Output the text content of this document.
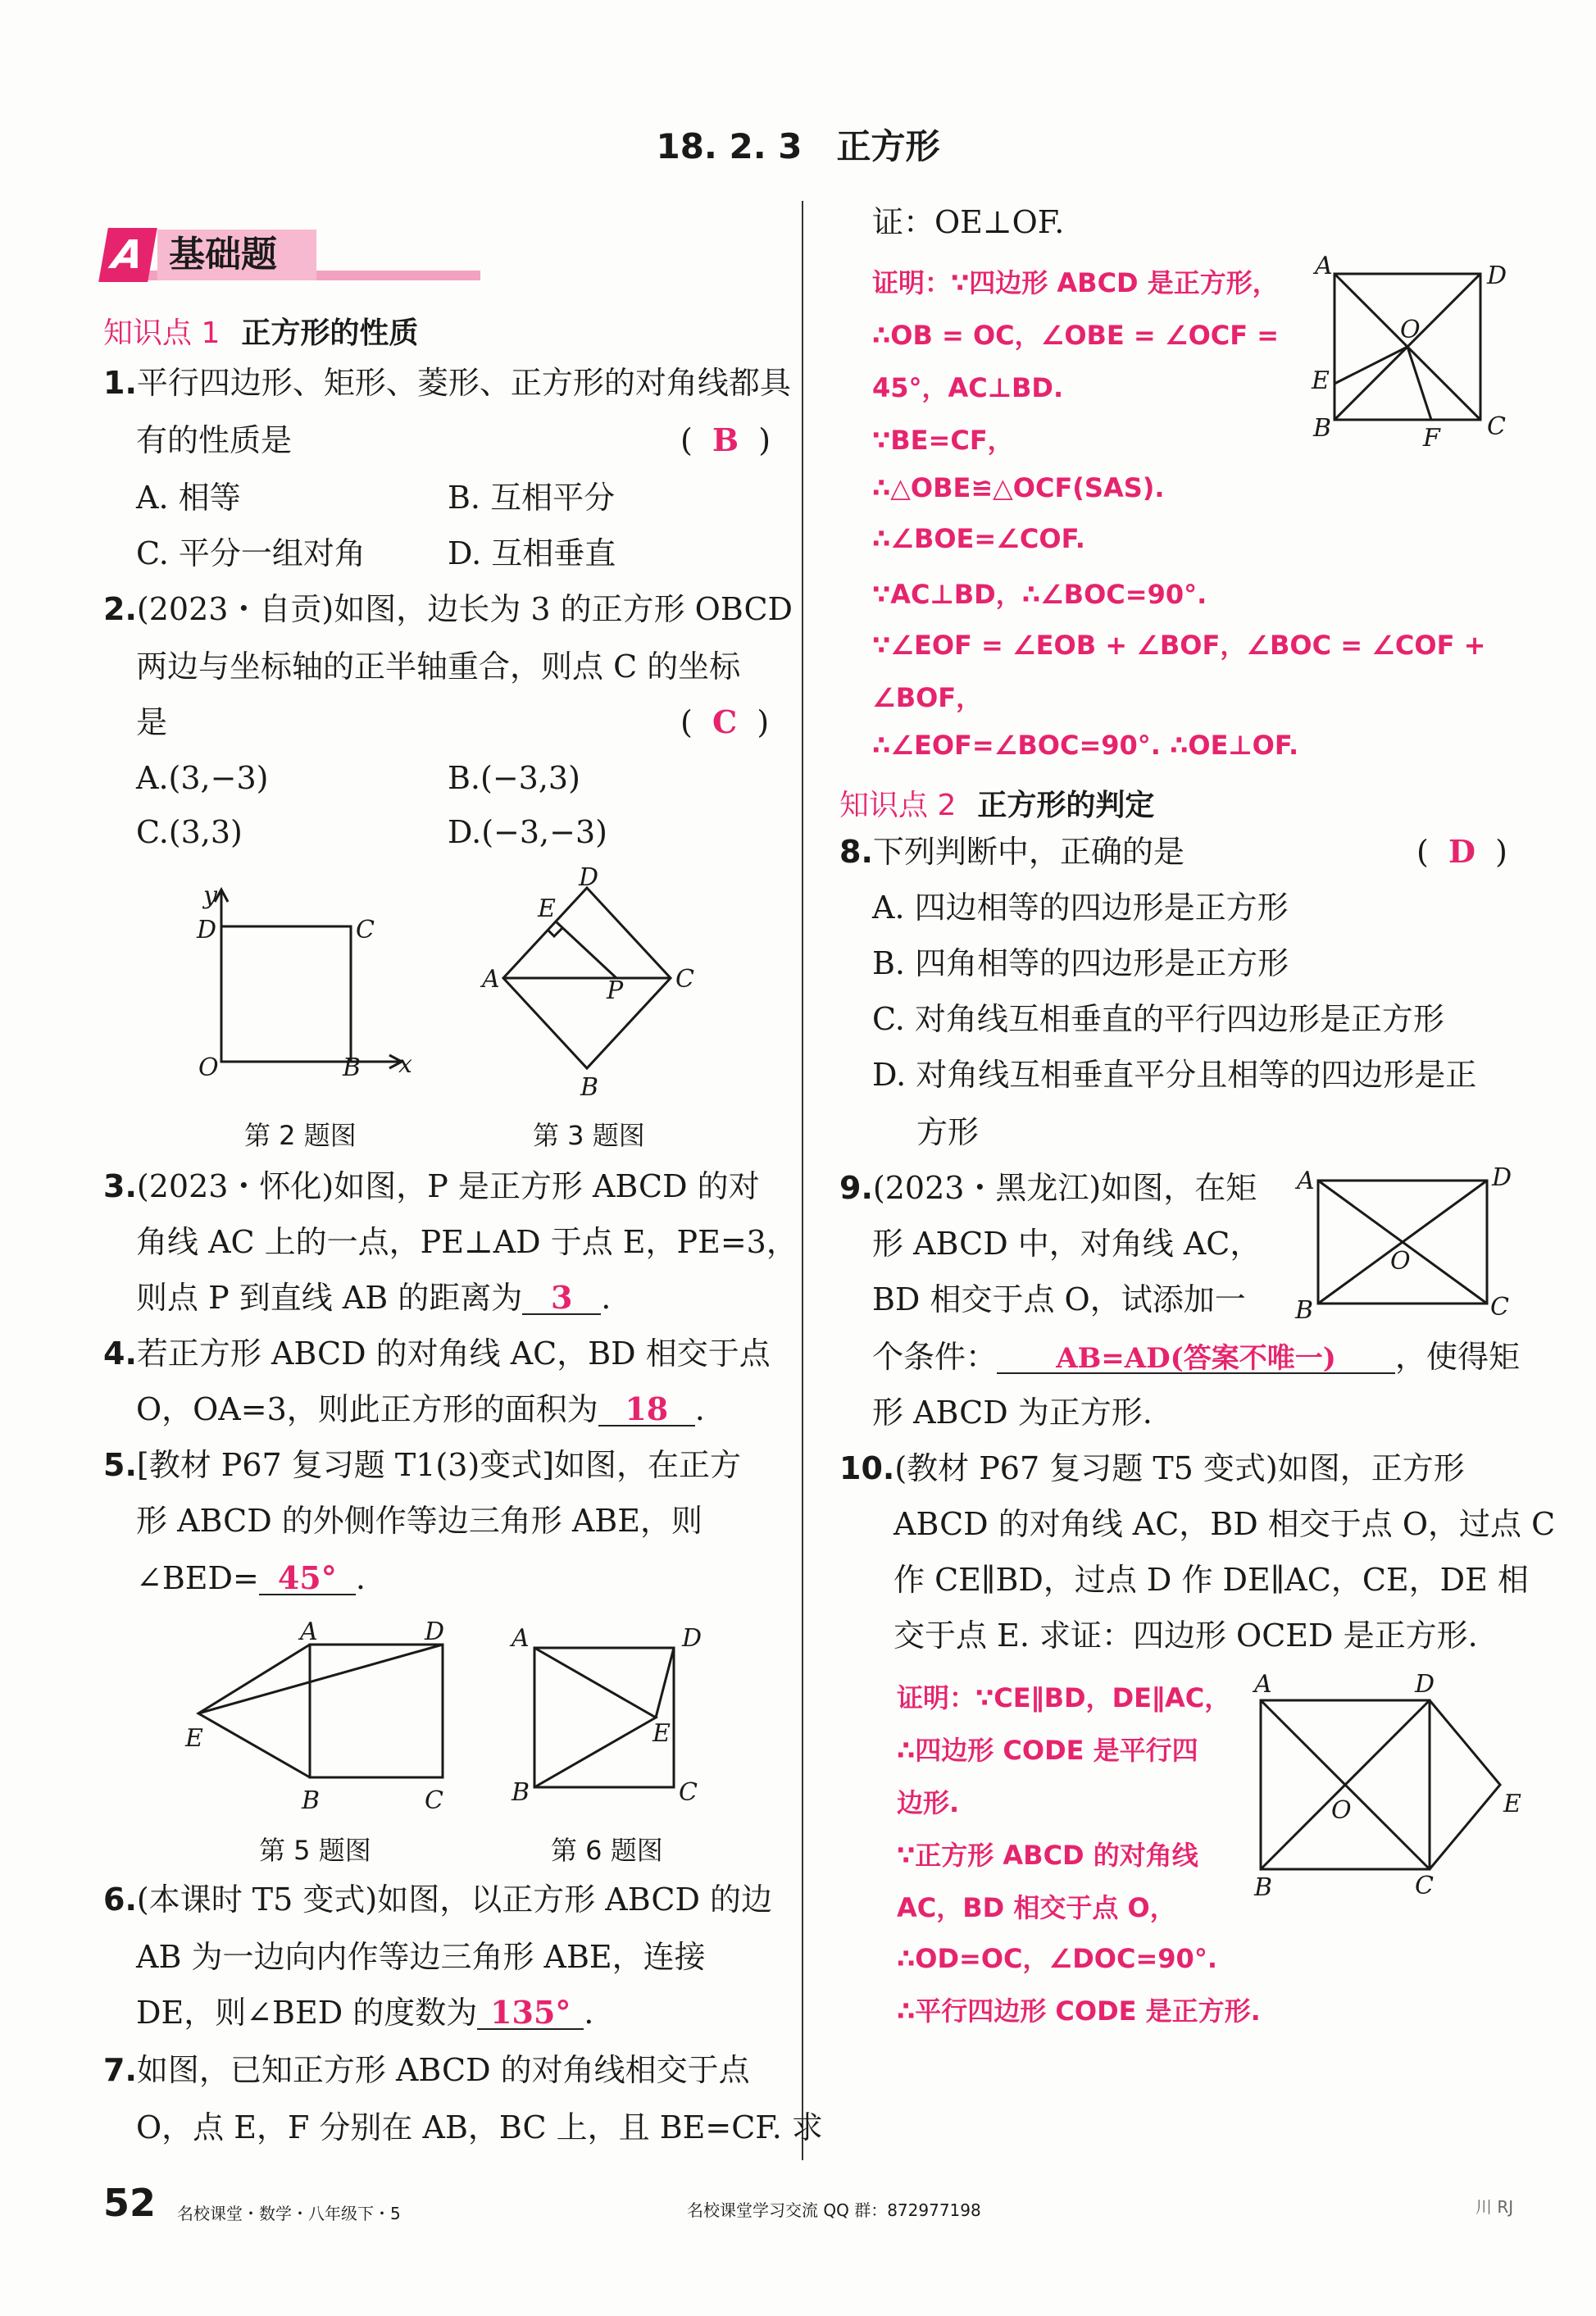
18. 2. 3　正方形
A 基础题
知识点 1 正方形的性质
1.平行四边形、矩形、菱形、正方形的对角线都具
有的性质是	(  B  )
A. 相等	B. 互相平分
C. 平分一组对角	D. 互相垂直
2.(2023・自贡)如图，边长为 3 的正方形 OBCD
两边与坐标轴的正半轴重合，则点 C 的坐标
是	(  C  )
A.(3,−3)	B.(−3,3)
C.(3,3)	D.(−3,−3)
y
D	C
O	B x
第 2 题图
D
E
A	P C
B
第 3 题图
3.(2023・怀化)如图，P 是正方形 ABCD 的对
角线 AC 上的一点，PE⊥AD 于点 E，PE=3，
则点 P 到直线 AB 的距离为 3 .
4.若正方形 ABCD 的对角线 AC，BD 相交于点
O，OA=3，则此正方形的面积为 18 .
5.[教材 P67 复习题 T1(3)变式]如图，在正方
形 ABCD 的外侧作等边三角形 ABE，则
∠BED= 45° .
A	D
E
B	C
第 5 题图
A	D
E
B	C
第 6 题图
6.(本课时 T5 变式)如图，以正方形 ABCD 的边
AB 为一边向内作等边三角形 ABE，连接
DE，则∠BED 的度数为 135° .
7.如图，已知正方形 ABCD 的对角线相交于点
O，点 E，F 分别在 AB，BC 上，且 BE=CF. 求
证：OE⊥OF.
证明：∵四边形 ABCD 是正方形，
∴OB = OC，∠OBE = ∠OCF =
45°，AC⊥BD.
∵BE=CF，
∴△OBE≌△OCF(SAS).
∴∠BOE=∠COF.
∵AC⊥BD，∴∠BOC=90°.
∵∠EOF = ∠EOB + ∠BOF，∠BOC = ∠COF +
∠BOF，
∴∠EOF=∠BOC=90°. ∴OE⊥OF.
A	D
O
E
B	F C
知识点 2 正方形的判定
8.下列判断中，正确的是	(  D  )
A. 四边相等的四边形是正方形
B. 四角相等的四边形是正方形
C. 对角线互相垂直的平行四边形是正方形
D. 对角线互相垂直平分且相等的四边形是正
方形
9.(2023・黑龙江)如图，在矩
形 ABCD 中，对角线 AC，
BD 相交于点 O，试添加一
个条件： AB=AD(答案不唯一) ，使得矩
形 ABCD 为正方形.
A	D
O
B	C
10.(教材 P67 复习题 T5 变式)如图，正方形
ABCD 的对角线 AC，BD 相交于点 O，过点 C
作 CE∥BD，过点 D 作 DE∥AC，CE，DE 相
交于点 E. 求证：四边形 OCED 是正方形.
证明：∵CE∥BD，DE∥AC，
∴四边形 CODE 是平行四
边形.
∵正方形 ABCD 的对角线
AC，BD 相交于点 O，
∴OD=OC，∠DOC=90°.
∴平行四边形 CODE 是正方形.
A	D
E
O
B	C
52 名校课堂・数学・八年级下・5	名校课堂学习交流 QQ 群：872977198	川 RJ
